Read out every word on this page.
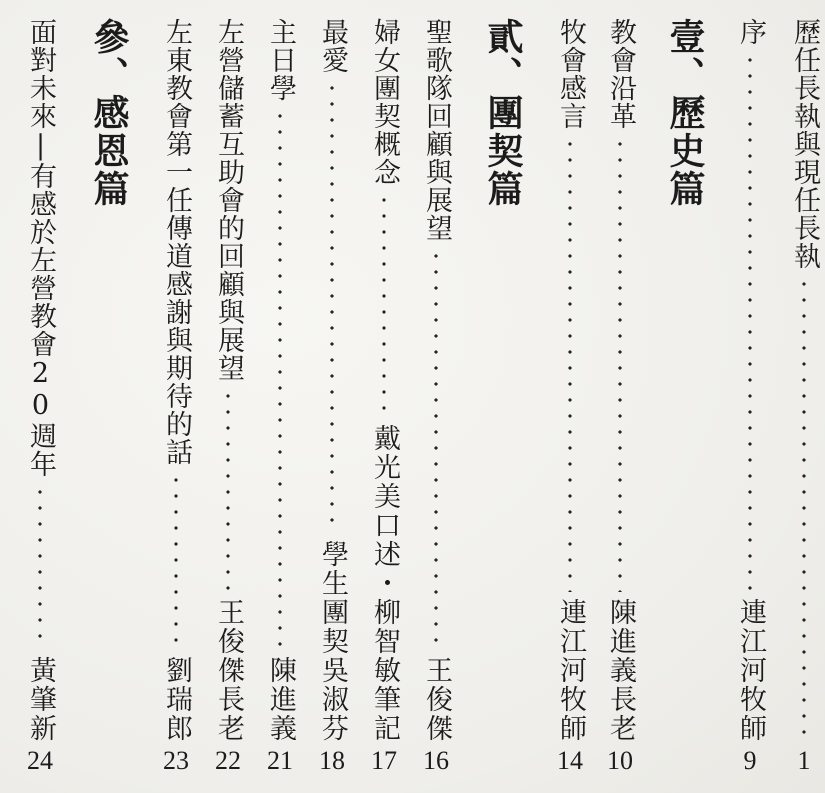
歷任長執與現任長執
1
序
連江河牧師
9
壹、歷史篇
教會沿革
陳進義長老
10
牧會感言
連江河牧師
14
貳、團契篇
聖歌隊回顧與展望
王俊傑
16
婦女團契概念
戴光美口述・柳智敏筆記
17
最愛
學生團契吳淑芬
18
主日學
陳進義
21
左營儲蓄互助會的回顧與展望
王俊傑長老
22
左東教會第一任傳道感謝與期待的話
劉瑞郎
23
參、感恩篇
面對未來|有感於左營教會20週年
黃肇新
24
